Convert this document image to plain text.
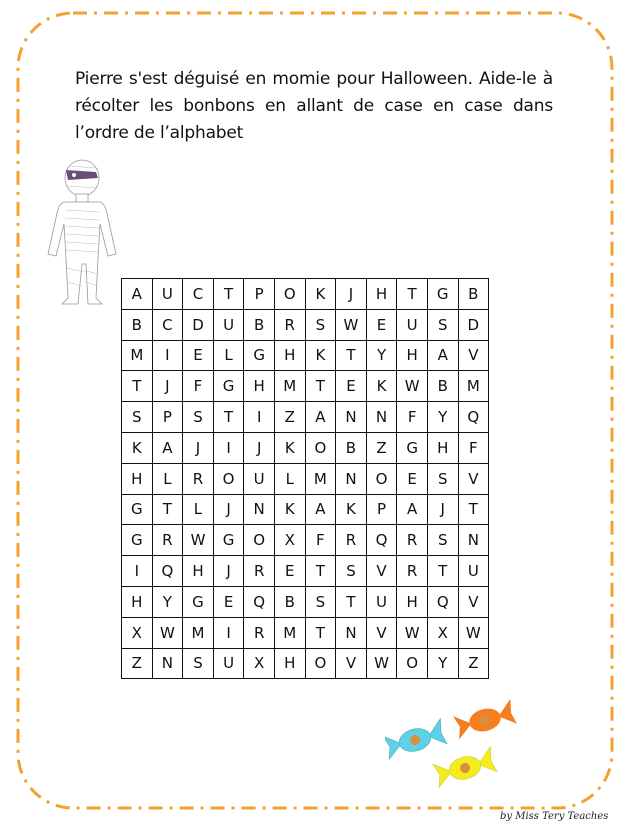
Pierre s'est déguisé en momie pour Halloween. Aide-le à récolter les bonbons en allant de case en case dans l’ordre de l’alphabet
A	U	C	T	P	O	K	J	H	T	G	B
B	C	D	U	B	R	S	W	E	U	S	D
M	I	E	L	G	H	K	T	Y	H	A	V
T	J	F	G	H	M	T	E	K	W	B	M
S	P	S	T	I	Z	A	N	N	F	Y	Q
K	A	J	I	J	K	O	B	Z	G	H	F
H	L	R	O	U	L	M	N	O	E	S	V
G	T	L	J	N	K	A	K	P	A	J	T
G	R	W	G	O	X	F	R	Q	R	S	N
I	Q	H	J	R	E	T	S	V	R	T	U
H	Y	G	E	Q	B	S	T	U	H	Q	V
X	W	M	I	R	M	T	N	V	W	X	W
Z	N	S	U	X	H	O	V	W	O	Y	Z
by Miss Tery Teaches
